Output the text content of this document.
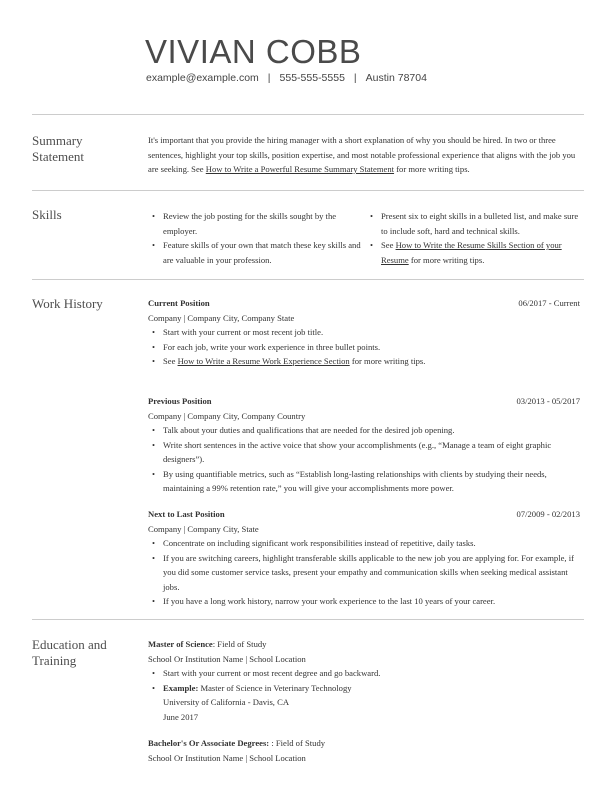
VIVIAN COBB

example@example.com | 555-555-5555 | Austin 78704

Summary
Statement

It's important that you provide the hiring manager with a short explanation of why you should be hired. In two or three sentences, highlight your top skills, position expertise, and most notable professional experience that aligns with the job you are seeking. See How to Write a Powerful Resume Summary Statement for more writing tips.

Skills
•	Review the job posting for the skills sought by the employer.
• Feature skills of your own that match these key skills and are valuable in your profession.
• Present six to eight skills in a bulleted list, and make sure to include soft, hard and technical skills.
• See How to Write the Resume Skills Section of your Resume for more writing tips.
Work History	Current Position	06/2017 - Current
Company | Company City, Company State
• Start with your current or most recent job title.
• For each job, write your work experience in three bullet points.
• See How to Write a Resume Work Experience Section for more writing tips.
Previous Position	03/2013 - 05/2017
Company | Company City, Company Country
• Talk about your duties and qualifications that are needed for the desired job opening.
• Write short sentences in the active voice that show your accomplishments (e.g., “Manage a team of eight graphic designers”).
• By using quantifiable metrics, such as “Establish long-lasting relationships with clients by studying their needs, maintaining a 99% retention rate,” you will give your accomplishments more power.
Next to Last Position	07/2009 - 02/2013
Company | Company City, State
• Concentrate on including significant work responsibilities instead of repetitive, daily tasks.
• If you are switching careers, highlight transferable skills applicable to the new job you are applying for. For example, if you did some customer service tasks, present your empathy and communication skills when seeking medical assistant jobs.
• If you have a long work history, narrow your work experience to the last 10 years of your career.
Education and
Training
Master of Science: Field of Study
School Or Institution Name | School Location
• Start with your current or most recent degree and go backward.
• Example: Master of Science in Veterinary Technology
University of California - Davis, CA
June 2017
Bachelor's Or Associate Degrees: : Field of Study
School Or Institution Name | School Location
